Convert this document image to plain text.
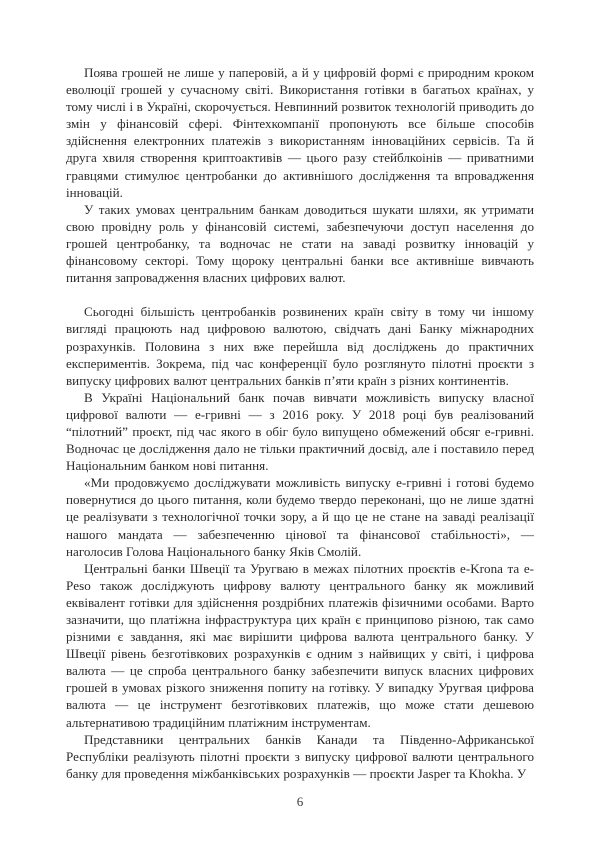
Поява грошей не лише у паперовій, а й у цифровій формі є природним кроком еволюції грошей у сучасному світі. Використання готівки в багатьох країнах, у тому числі і в Україні, скорочується. Невпинний розвиток технологій приводить до змін у фінансовій сфері. Фінтехкомпанії пропонують все більше способів здійснення електронних платежів з використанням інноваційних сервісів. Та й друга хвиля створення криптоактивів — цього разу стейблкоінів — приватними гравцями стимулює центробанки до активнішого дослідження та впровадження інновацій.

У таких умовах центральним банкам доводиться шукати шляхи, як утримати свою провідну роль у фінансовій системі, забезпечуючи доступ населення до грошей центробанку, та водночас не стати на заваді розвитку інновацій у фінансовому секторі. Тому щороку центральні банки все активніше вивчають питання запровадження власних цифрових валют.

Сьогодні більшість центробанків розвинених країн світу в тому чи іншому вигляді працюють над цифровою валютою, свідчать дані Банку міжнародних розрахунків. Половина з них вже перейшла від досліджень до практичних експериментів. Зокрема, під час конференції було розглянуто пілотні проєкти з випуску цифрових валют центральних банків п’яти країн з різних континентів.

В Україні Національний банк почав вивчати можливість випуску власної цифрової валюти — е-гривні — з 2016 року. У 2018 році був реалізований “пілотний” проєкт, під час якого в обіг було випущено обмежений обсяг е-гривні. Водночас це дослідження дало не тільки практичний досвід, але і поставило перед Національним банком нові питання.

«Ми продовжуємо досліджувати можливість випуску е-гривні і готові будемо повернутися до цього питання, коли будемо твердо переконані, що не лише здатні це реалізувати з технологічної точки зору, а й що це не стане на заваді реалізації нашого мандата — забезпеченню цінової та фінансової стабільності», — наголосив Голова Національного банку Яків Смолій.

Центральні банки Швеції та Уругваю в межах пілотних проєктів e-Krona та e-Peso також досліджують цифрову валюту центрального банку як можливий еквівалент готівки для здійснення роздрібних платежів фізичними особами. Варто зазначити, що платіжна інфраструктура цих країн є принципово різною, так само різними є завдання, які має вирішити цифрова валюта центрального банку. У Швеції рівень безготівкових розрахунків є одним з найвищих у світі, і цифрова валюта — це спроба центрального банку забезпечити випуск власних цифрових грошей в умовах різкого зниження попиту на готівку. У випадку Уругвая цифрова валюта — це інструмент безготівкових платежів, що може стати дешевою альтернативою традиційним платіжним інструментам.

Представники центральних банків Канади та Південно-Африканської Республіки реалізують пілотні проєкти з випуску цифрової валюти центрального банку для проведення міжбанківських розрахунків — проєкти Jasper та Khokha. У

6
